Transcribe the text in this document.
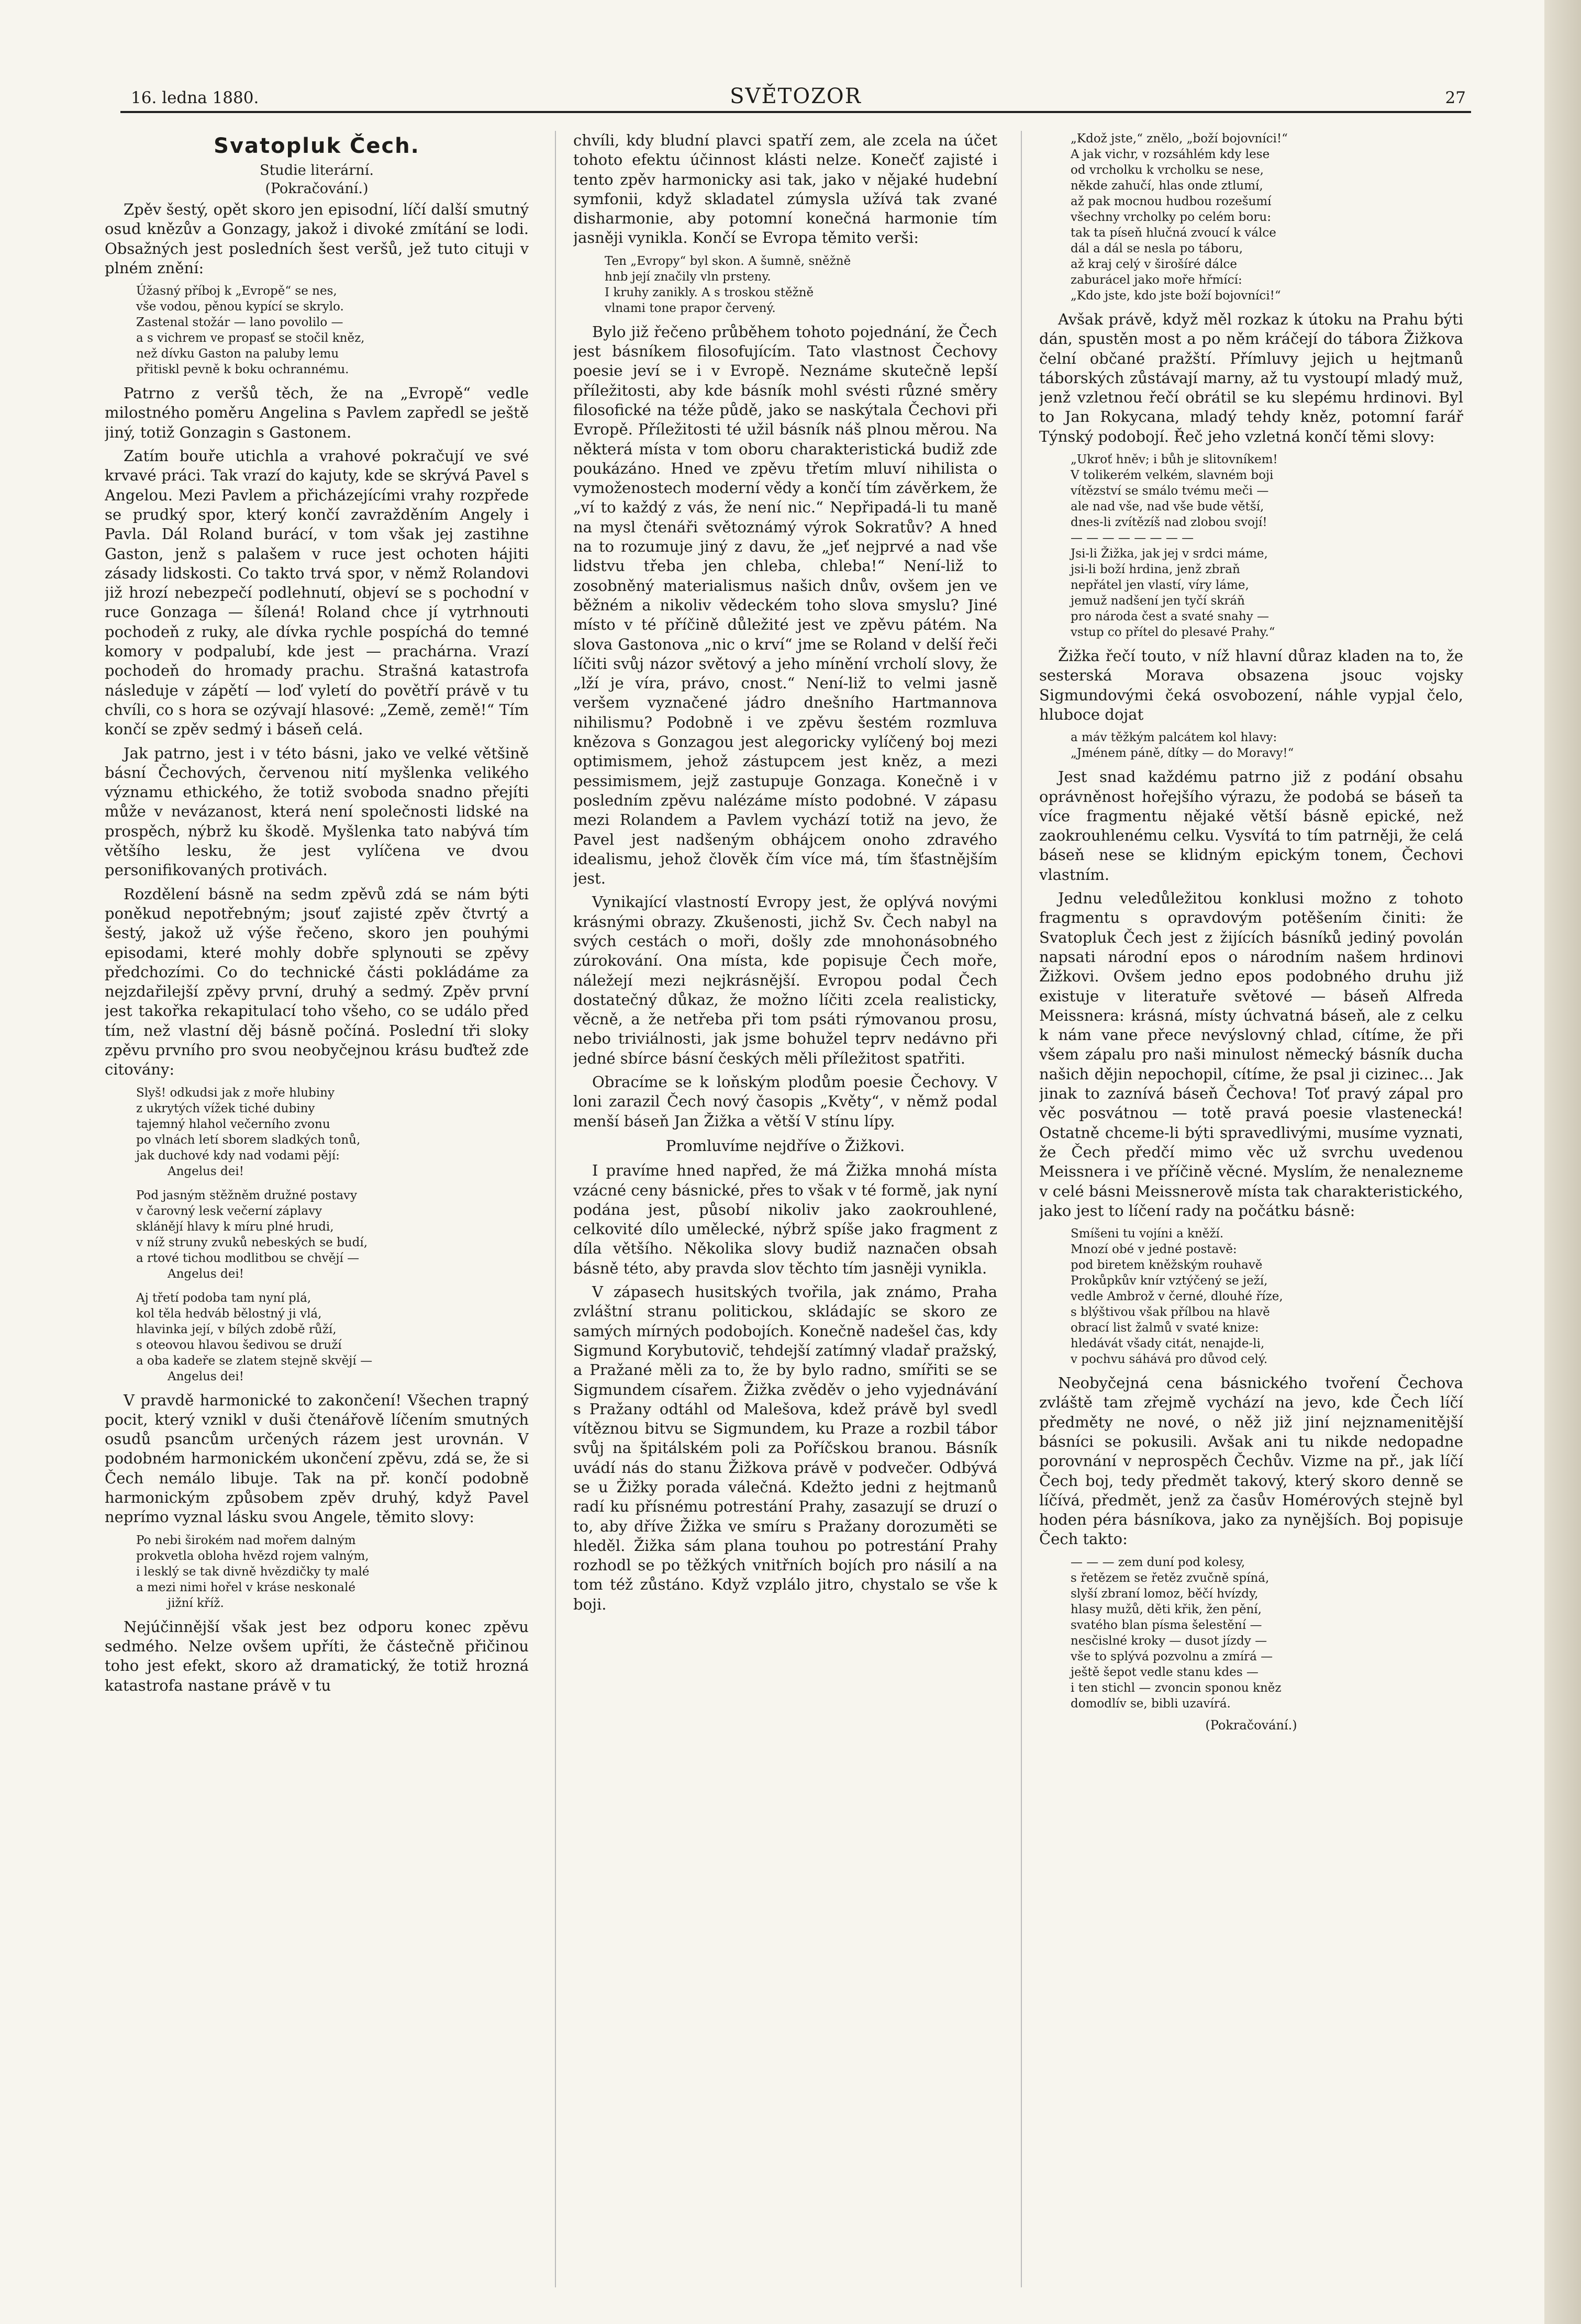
16. ledna 1880.	SVĚTOZOR	27
Svatopluk Čech.
Studie literární.
(Pokračování.)

Zpěv šestý, opět skoro jen episodní, líčí další smutný osud knězův a Gonzagy, jakož i divoké zmítání se lodi. Obsažných jest posledních šest veršů, jež tuto cituji v plném znění:

Úžasný příboj k „Evropě“ se nes,
vše vodou, pěnou kypící se skrylo.
Zastenal stožár — lano povolilo —
a s vichrem ve propasť se stočil kněz,
než dívku Gaston na paluby lemu
přitiskl pevně k boku ochrannému.

Patrno z veršů těch, že na „Evropě“ vedle milostného poměru Angelina s Pavlem zapředl se ještě jiný, totiž Gonzagin s Gastonem.

Zatím bouře utichla a vrahové pokračují ve své krvavé práci. Tak vrazí do kajuty, kde se skrývá Pavel s Angelou. Mezi Pavlem a přicházejícími vrahy rozpřede se prudký spor, který končí zavražděním Angely i Pavla. Dál Roland burácí, v tom však jej zastihne Gaston, jenž s palašem v ruce jest ochoten hájiti zásady lidskosti. Co takto trvá spor, v němž Rolandovi již hrozí nebezpečí podlehnutí, objeví se s pochodní v ruce Gonzaga — šílená! Roland chce jí vytrhnouti pochodeň z ruky, ale dívka rychle pospíchá do temné komory v podpalubí, kde jest — prachárna. Vrazí pochodeň do hromady prachu. Strašná katastrofa následuje v zápětí — loď vyletí do povětří právě v tu chvíli, co s hora se ozývají hlasové: „Země, země!“ Tím končí se zpěv sedmý i báseň celá.

Jak patrno, jest i v této básni, jako ve velké většině básní Čechových, červenou nití myšlenka velikého významu ethického, že totiž svoboda snadno přejíti může v nevázanost, která není společnosti lidské na prospěch, nýbrž ku škodě. Myšlenka tato nabývá tím většího lesku, že jest vylíčena ve dvou personifikovaných protivách.

Rozdělení básně na sedm zpěvů zdá se nám býti poněkud nepotřebným; jsouť zajisté zpěv čtvrtý a šestý, jakož už výše řečeno, skoro jen pouhými episodami, které mohly dobře splynouti se zpěvy předchozími. Co do technické části pokládáme za nejzdařilejší zpěvy první, druhý a sedmý. Zpěv první jest takořka rekapitulací toho všeho, co se událo před tím, než vlastní děj básně počíná. Poslední tři sloky zpěvu prvního pro svou neobyčejnou krásu buďtež zde citovány:

Slyš! odkudsi jak z moře hlubiny
z ukrytých vížek tiché dubiny
tajemný hlahol večerního zvonu
po vlnách letí sborem sladkých tonů,
jak duchové kdy nad vodami pějí:
Angelus dei!
Pod jasným stěžněm družné postavy
v čarovný lesk večerní záplavy
sklánějí hlavy k míru plné hrudi,
v níž struny zvuků nebeských se budí,
a rtové tichou modlitbou se chvějí —
Angelus dei!
Aj třetí podoba tam nyní plá,
kol těla hedváb bělostný ji vlá,
hlavinka její, v bílých zdobě růží,
s oteovou hlavou šedivou se druží
a oba kadeře se zlatem stejně skvějí —
Angelus dei!

V pravdě harmonické to zakončení! Všechen trapný pocit, který vznikl v duši čtenářově líčením smutných osudů psancům určených rázem jest urovnán. V podobném harmonickém ukončení zpěvu, zdá se, že si Čech nemálo libuje. Tak na př. končí podobně harmonickým způsobem zpěv druhý, když Pavel neprímo vyznal lásku svou Angele, těmito slovy:

Po nebi širokém nad mořem dalným
prokvetla obloha hvězd rojem valným,
i lesklý se tak divně hvězdičky ty malé
a mezi nimi hořel v kráse neskonalé
jižní kříž.

Nejúčinnější však jest bez odporu konec zpěvu sedmého. Nelze ovšem upříti, že částečně přičinou toho jest efekt, skoro až dramatický, že totiž hrozná katastrofa nastane právě v tu

chvíli, kdy bludní plavci spatří zem, ale zcela na účet tohoto efektu účinnost klásti nelze. Konečť zajisté i tento zpěv harmonicky asi tak, jako v nějaké hudební symfonii, když skladatel zúmysla užívá tak zvané disharmonie, aby potomní konečná harmonie tím jasněji vynikla. Končí se Evropa těmito verši:

Ten „Evropy“ byl skon. A šumně, sněžně
hnb její značily vln prsteny.
I kruhy zanikly. A s troskou stěžně
vlnami tone prapor červený.

Bylo již řečeno průběhem tohoto pojednání, že Čech jest básníkem filosofujícím. Tato vlastnost Čechovy poesie jeví se i v Evropě. Neznáme skutečně lepší příležitosti, aby kde básník mohl svésti různé směry filosofické na téže půdě, jako se naskýtala Čechovi při Evropě. Příležitosti té užil básník náš plnou měrou. Na některá místa v tom oboru charakteristická budiž zde poukázáno. Hned ve zpěvu třetím mluví nihilista o vymoženostech moderní vědy a končí tím závěrkem, že „ví to každý z vás, že není nic.“ Nepřipadá-li tu maně na mysl čtenáři světoznámý výrok Sokratův? A hned na to rozumuje jiný z davu, že „jeť nejprvé a nad vše lidstvu třeba jen chleba, chleba!“ Není-liž to zosobněný materialismus našich dnův, ovšem jen ve běžném a nikoliv vědeckém toho slova smyslu? Jiné místo v té příčině důležité jest ve zpěvu pátém. Na slova Gastonova „nic o krví“ jme se Roland v delší řeči líčiti svůj názor světový a jeho mínění vrcholí slovy, že „lží je víra, právo, cnost.“ Není-liž to velmi jasně veršem vyznačené jádro dnešního Hartmannova nihilismu? Podobně i ve zpěvu šestém rozmluva knězova s Gonzagou jest alegoricky vylíčený boj mezi optimismem, jehož zástupcem jest kněz, a mezi pessimismem, jejž zastupuje Gonzaga. Konečně i v posledním zpěvu nalézáme místo podobné. V zápasu mezi Rolandem a Pavlem vychází totiž na jevo, že Pavel jest nadšeným obhájcem onoho zdravého idealismu, jehož člověk čím více má, tím šťastnějším jest.

Vynikající vlastností Evropy jest, že oplývá novými krásnými obrazy. Zkušenosti, jichž Sv. Čech nabyl na svých cestách o moři, došly zde mnohonásobného zúrokování. Ona místa, kde popisuje Čech moře, náležejí mezi nejkrásnější. Evropou podal Čech dostatečný důkaz, že možno líčiti zcela realisticky, věcně, a že netřeba při tom psáti rýmovanou prosu, nebo triviálnosti, jak jsme bohužel teprv nedávno při jedné sbírce básní českých měli příležitost spatřiti.

Obracíme se k loňským plodům poesie Čechovy. V loni zarazil Čech nový časopis „Květy“, v němž podal menší báseň Jan Žižka a větší V stínu lípy.

Promluvíme nejdříve o Žižkovi.

I pravíme hned napřed, že má Žižka mnohá místa vzácné ceny básnické, přes to však v té formě, jak nyní podána jest, působí nikoliv jako zaokrouhlené, celkovité dílo umělecké, nýbrž spíše jako fragment z díla většího. Několika slovy budiž naznačen obsah básně této, aby pravda slov těchto tím jasněji vynikla.

V zápasech husitských tvořila, jak známo, Praha zvláštní stranu politickou, skládajíc se skoro ze samých mírných podobojích. Konečně nadešel čas, kdy Sigmund Korybutovič, tehdejší zatímný vladař pražský, a Pražané měli za to, že by bylo radno, smířiti se se Sigmundem císařem. Žižka zvěděv o jeho vyjednávání s Pražany odtáhl od Malešova, kdež právě byl svedl vítěznou bitvu se Sigmundem, ku Praze a rozbil tábor svůj na špitálském poli za Poříčskou branou. Básník uvádí nás do stanu Žižkova právě v podvečer. Odbývá se u Žižky porada válečná. Kdežto jedni z hejtmanů radí ku přísnému potrestání Prahy, zasazují se druzí o to, aby dříve Žižka ve smíru s Pražany dorozuměti se hleděl. Žižka sám plana touhou po potrestání Prahy rozhodl se po těžkých vnitřních bojích pro násilí a na tom též zůstáno. Když vzplálo jitro, chystalo se vše k boji.

„Kdož jste,“ znělo, „boží bojovníci!“
A jak vichr, v rozsáhlém kdy lese
od vrcholku k vrcholku se nese,
někde zahučí, hlas onde ztlumí,
až pak mocnou hudbou rozešumí
všechny vrcholky po celém boru:
tak ta píseň hlučná zvoucí k válce
dál a dál se nesla po táboru,
až kraj celý v širošíré dálce
zaburácel jako moře hřmící:
„Kdo jste, kdo jste boží bojovníci!“

Avšak právě, když měl rozkaz k útoku na Prahu býti dán, spustěn most a po něm kráčejí do tábora Žižkova čelní občané pražští. Přímluvy jejich u hejtmanů táborských zůstávají marny, až tu vystoupí mladý muž, jenž vzletnou řečí obrátil se ku slepému hrdinovi. Byl to Jan Rokycana, mladý tehdy kněz, potomní farář Týnský podobojí. Řeč jeho vzletná končí těmi slovy:

„Ukroť hněv; i bůh je slitovníkem!
V tolikerém velkém, slavném boji
vítězství se smálo tvému meči —
ale nad vše, nad vše bude větší,
dnes-li zvítězíš nad zlobou svojí!
— — — — — — — —
Jsi-li Žižka, jak jej v srdci máme,
jsi-li boží hrdina, jenž zbraň
nepřátel jen vlastí, víry láme,
jemuž nadšení jen tyčí skráň
pro národa čest a svaté snahy —
vstup co přítel do plesavé Prahy.“

Žižka řečí touto, v níž hlavní důraz kladen na to, že sesterská Morava obsazena jsouc vojsky Sigmundovými čeká osvobození, náhle vypjal čelo, hluboce dojat

a máv těžkým palcátem kol hlavy:
„Jménem páně, dítky — do Moravy!“

Jest snad každému patrno již z podání obsahu oprávněnost hořejšího výrazu, že podobá se báseň ta více fragmentu nějaké větší básně epické, než zaokrouhlenému celku. Vysvítá to tím patrněji, že celá báseň nese se klidným epickým tonem, Čechovi vlastním.

Jednu veledůležitou konklusi možno z tohoto fragmentu s opravdovým potěšením činiti: že Svatopluk Čech jest z žijících básníků jediný povolán napsati národní epos o národním našem hrdinovi Žižkovi. Ovšem jedno epos podobného druhu již existuje v literatuře světové — báseň Alfreda Meissnera: krásná, místy úchvatná báseň, ale z celku k nám vane přece nevýslovný chlad, cítíme, že při všem zápalu pro naši minulost německý básník ducha našich dějin nepochopil, cítíme, že psal ji cizinec... Jak jinak to zaznívá báseň Čechova! Toť pravý zápal pro věc posvátnou — totě pravá poesie vlastenecká! Ostatně chceme-li býti spravedlivými, musíme vyznati, že Čech předčí mimo věc už svrchu uvedenou Meissnera i ve příčině věcné. Myslím, že nenalezneme v celé básni Meissnerově místa tak charakteristického, jako jest to líčení rady na počátku básně:

Smíšeni tu vojíni a kněží.
Mnozí obé v jedné postavě:
pod biretem kněžským rouhavě
Prokůpkův knír vztýčený se ježí,
vedle Ambrož v černé, dlouhé říze,
s blýštivou však přílbou na hlavě
obrací list žalmů v svaté knize:
hledávát všady citát, nenajde-li,
v pochvu sáhává pro důvod celý.

Neobyčejná cena básnického tvoření Čechova zvláště tam zřejmě vychází na jevo, kde Čech líčí předměty ne nové, o něž již jiní nejznamenitější básníci se pokusili. Avšak ani tu nikde nedopadne porovnání v neprospěch Čechův. Vizme na př., jak líčí Čech boj, tedy předmět takový, který skoro denně se líčívá, předmět, jenž za časův Homérových stejně byl hoden péra básníkova, jako za nynějších. Boj popisuje Čech takto:

— — — zem duní pod kolesy,
s řetězem se řetěz zvučně spíná,
slyší zbraní lomoz, běčí hvízdy,
hlasy mužů, děti křik, žen pění,
svatého blan písma šelestění —
nesčislné kroky — dusot jízdy —
vše to splývá pozvolnu a zmírá —
ještě šepot vedle stanu kdes —
i ten stichl — zvoncin sponou kněz
domodlív se, bibli uzavírá.
(Pokračování.)
